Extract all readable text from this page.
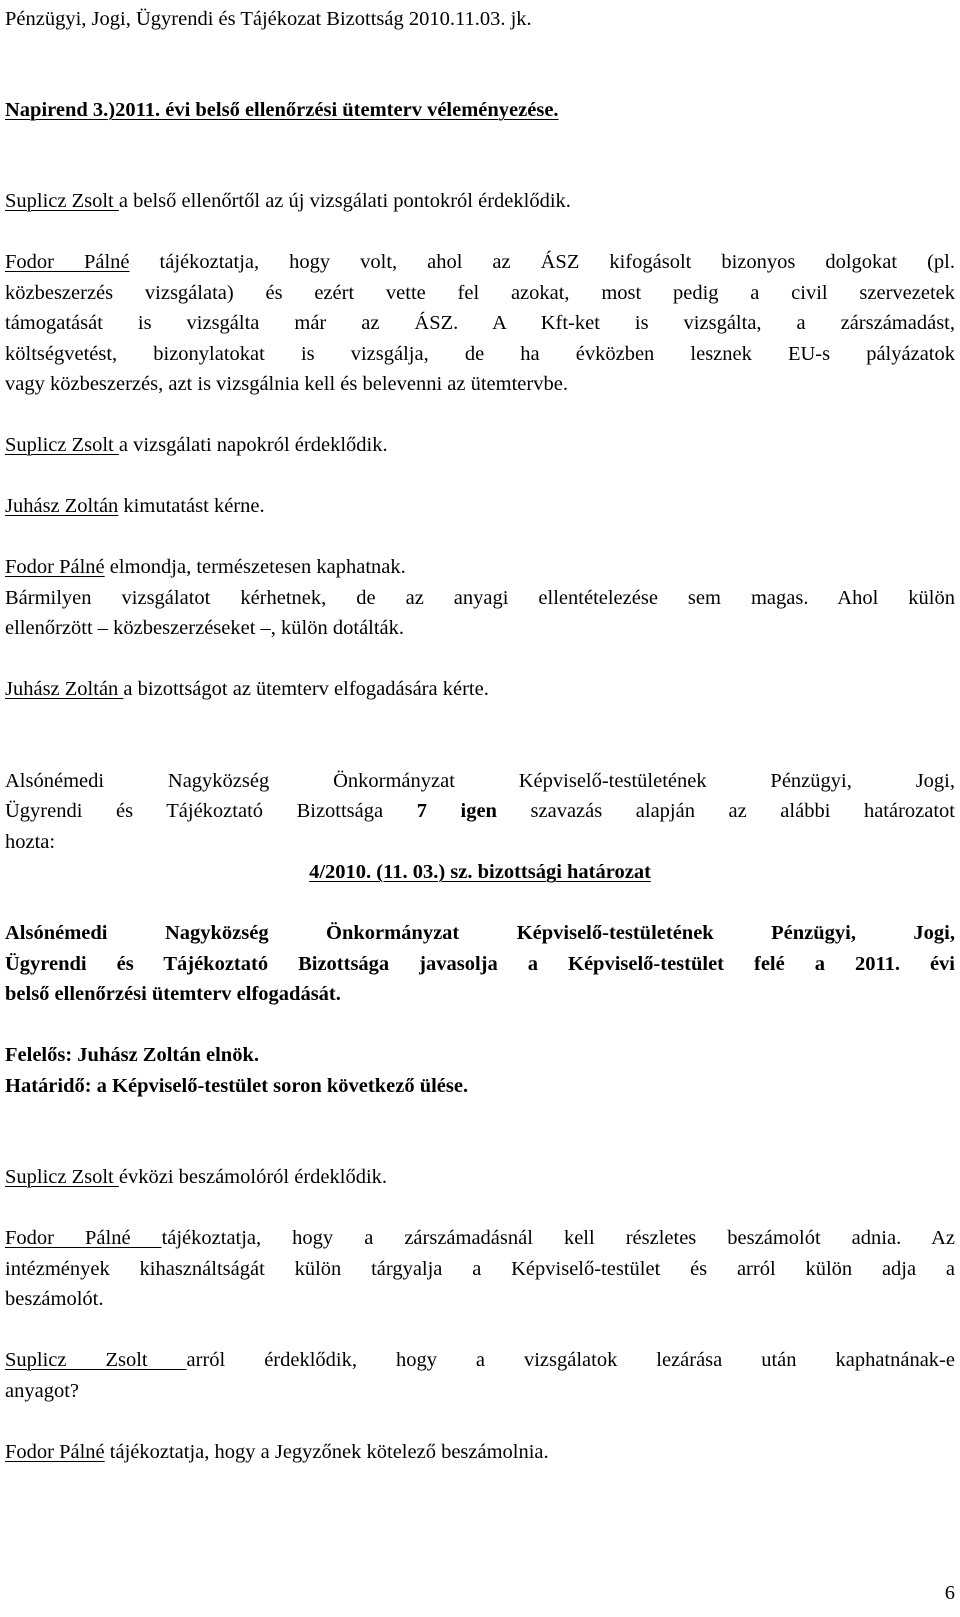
Pénzügyi, Jogi, Ügyrendi és Tájékozat Bizottság 2010.11.03. jk.
Napirend 3.)2011. évi belső ellenőrzési ütemterv véleményezése.
Suplicz Zsolt a belső ellenőrtől az új vizsgálati pontokról érdeklődik.
Fodor Pálné tájékoztatja, hogy volt, ahol az ÁSZ kifogásolt bizonyos dolgokat (pl.
közbeszerzés vizsgálata) és ezért vette fel azokat, most pedig a civil szervezetek
támogatását is vizsgálta már az ÁSZ. A Kft-ket is vizsgálta, a zárszámadást,
költségvetést, bizonylatokat is vizsgálja, de ha évközben lesznek EU-s pályázatok
vagy közbeszerzés, azt is vizsgálnia kell és belevenni az ütemtervbe.
Suplicz Zsolt a vizsgálati napokról érdeklődik.
Juhász Zoltán kimutatást kérne.
Fodor Pálné elmondja, természetesen kaphatnak.
Bármilyen vizsgálatot kérhetnek, de az anyagi ellentételezése sem magas. Ahol külön
ellenőrzött – közbeszerzéseket –, külön dotálták.
Juhász Zoltán a bizottságot az ütemterv elfogadására kérte.
Alsónémedi Nagyközség Önkormányzat Képviselő-testületének Pénzügyi, Jogi,
Ügyrendi és Tájékoztató Bizottsága 7 igen szavazás alapján az alábbi határozatot
hozta:
4/2010. (11. 03.) sz. bizottsági határozat
Alsónémedi Nagyközség Önkormányzat Képviselő-testületének Pénzügyi, Jogi,
Ügyrendi és Tájékoztató Bizottsága javasolja a Képviselő-testület felé a 2011. évi
belső ellenőrzési ütemterv elfogadását.
Felelős: Juhász Zoltán elnök.
Határidő: a Képviselő-testület soron következő ülése.
Suplicz Zsolt évközi beszámolóról érdeklődik.
Fodor Pálné tájékoztatja, hogy a zárszámadásnál kell részletes beszámolót adnia. Az
intézmények kihasználtságát külön tárgyalja a Képviselő-testület és arról külön adja a
beszámolót.
Suplicz Zsolt arról érdeklődik, hogy a vizsgálatok lezárása után kaphatnának-e
anyagot?
Fodor Pálné tájékoztatja, hogy a Jegyzőnek kötelező beszámolnia.
6
